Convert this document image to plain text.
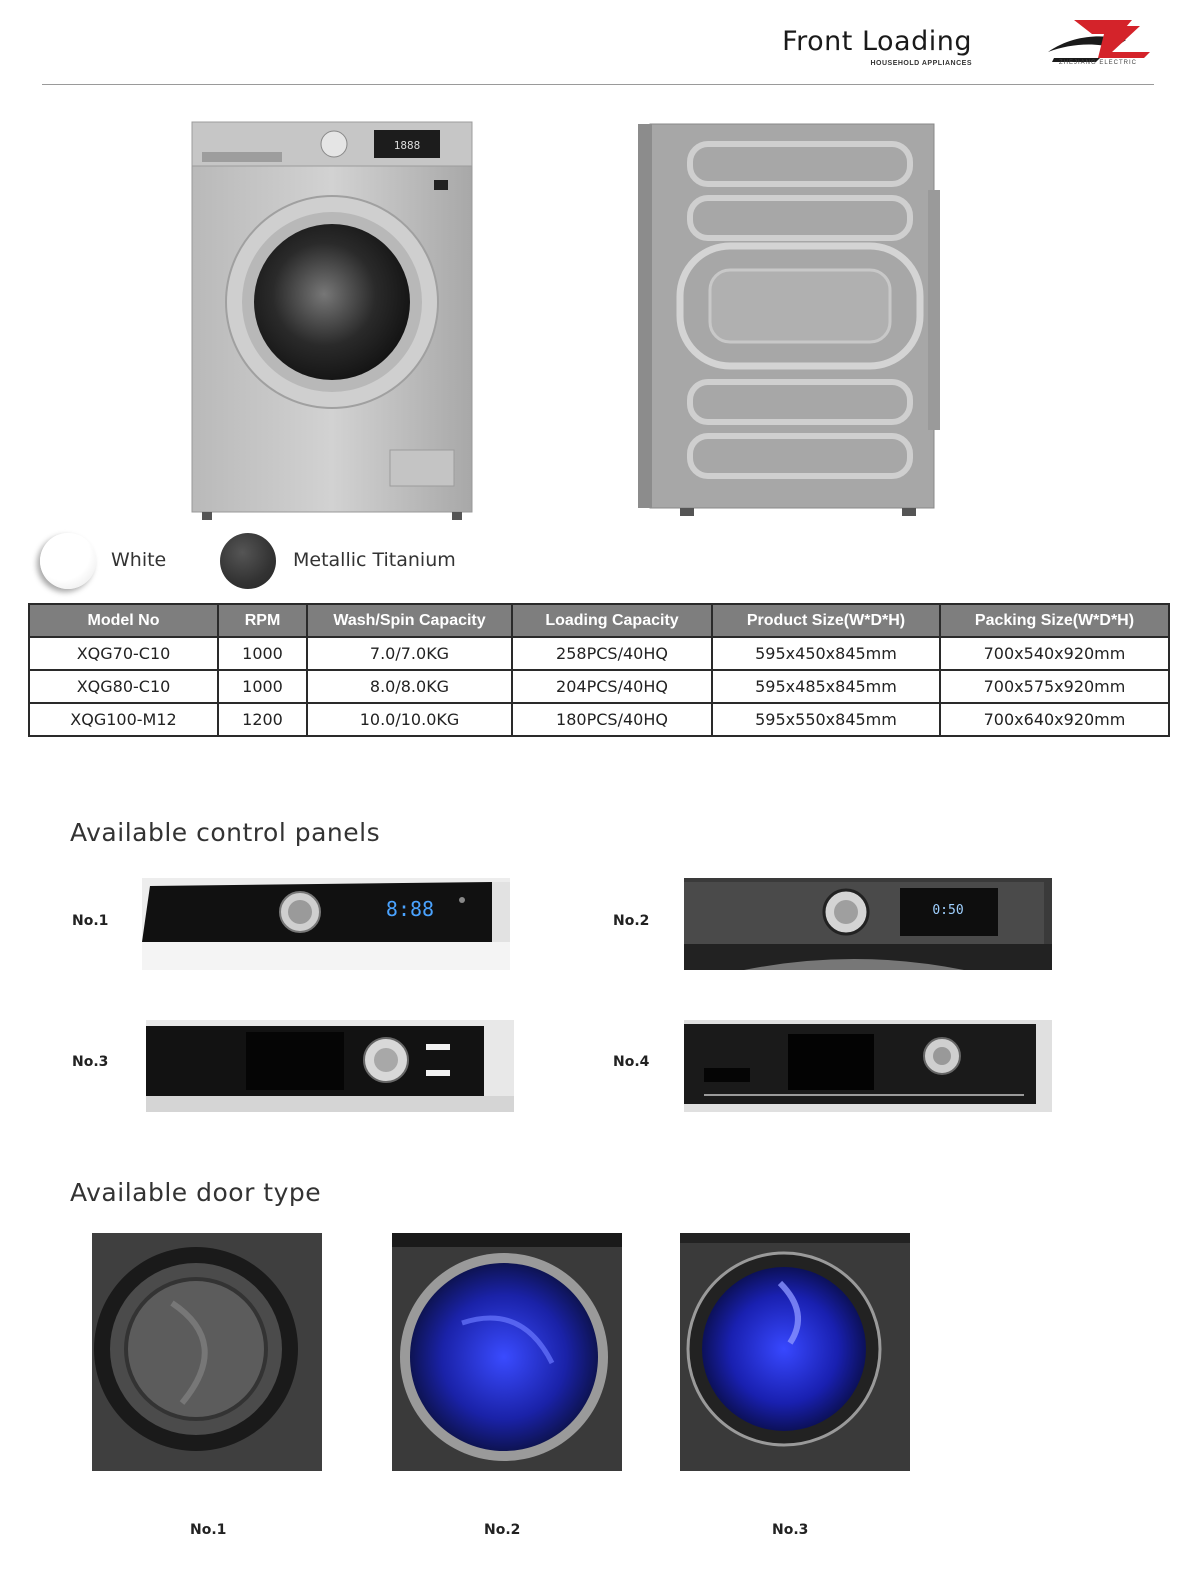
Front Loading
HOUSEHOLD APPLIANCES	ZHEJIANG ELECTRIC
1888
White	Metallic Titanium
Model No	RPM	Wash/Spin Capacity	Loading Capacity	Product Size(W*D*H)	Packing Size(W*D*H)
XQG70-C10	1000	7.0/7.0KG	258PCS/40HQ	595x450x845mm	700x540x920mm
XQG80-C10	1000	8.0/8.0KG	204PCS/40HQ	595x485x845mm	700x575x920mm
XQG100-M12	1200	10.0/10.0KG	180PCS/40HQ	595x550x845mm	700x640x920mm
Available control panels
No.1	8:88	No.2
0:50
No.3	No.4
Available door type
No.1	No.2	No.3
